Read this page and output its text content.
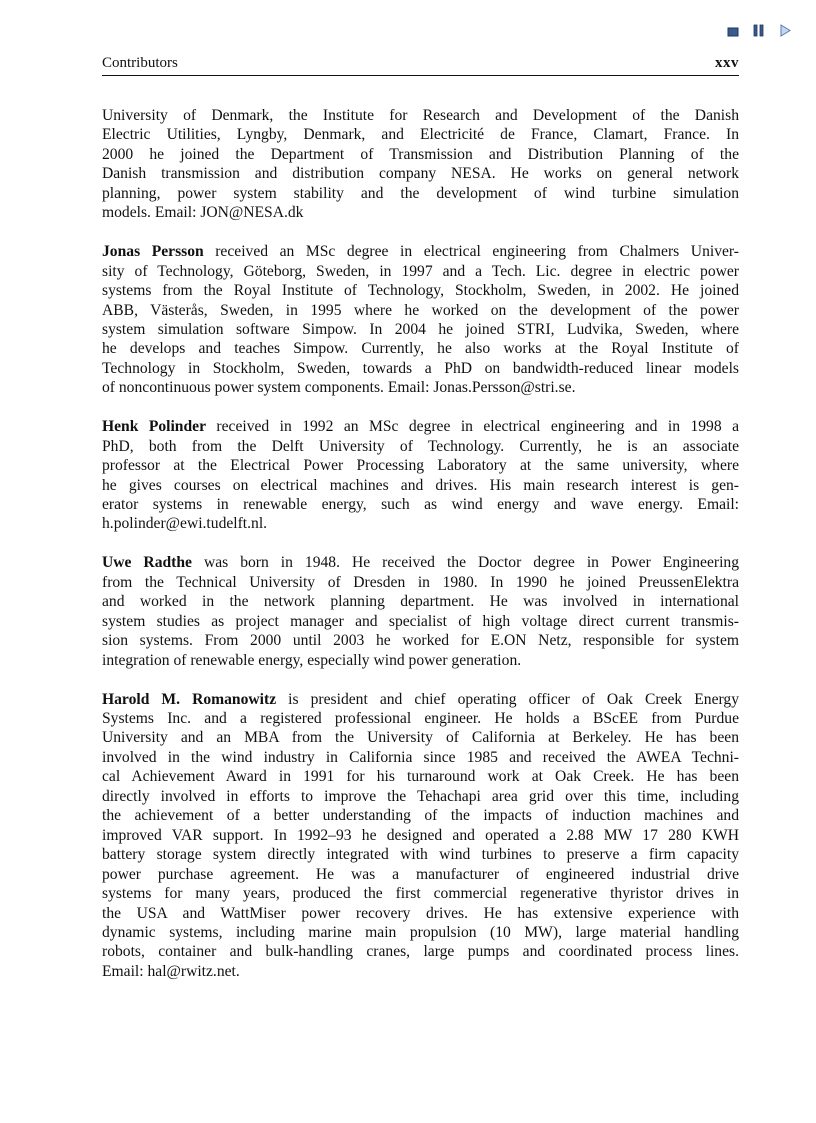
Contributors	xxv
University of Denmark, the Institute for Research and Development of the Danish
Electric Utilities, Lyngby, Denmark, and Electricité de France, Clamart, France. In
2000 he joined the Department of Transmission and Distribution Planning of the
Danish transmission and distribution company NESA. He works on general network
planning, power system stability and the development of wind turbine simulation
models. Email: JON@NESA.dk
Jonas Persson received an MSc degree in electrical engineering from Chalmers Univer-
sity of Technology, Göteborg, Sweden, in 1997 and a Tech. Lic. degree in electric power
systems from the Royal Institute of Technology, Stockholm, Sweden, in 2002. He joined
ABB, Västerås, Sweden, in 1995 where he worked on the development of the power
system simulation software Simpow. In 2004 he joined STRI, Ludvika, Sweden, where
he develops and teaches Simpow. Currently, he also works at the Royal Institute of
Technology in Stockholm, Sweden, towards a PhD on bandwidth-reduced linear models
of noncontinuous power system components. Email: Jonas.Persson@stri.se.
Henk Polinder received in 1992 an MSc degree in electrical engineering and in 1998 a
PhD, both from the Delft University of Technology. Currently, he is an associate
professor at the Electrical Power Processing Laboratory at the same university, where
he gives courses on electrical machines and drives. His main research interest is gen-
erator systems in renewable energy, such as wind energy and wave energy. Email:
h.polinder@ewi.tudelft.nl.
Uwe Radthe was born in 1948. He received the Doctor degree in Power Engineering
from the Technical University of Dresden in 1980. In 1990 he joined PreussenElektra
and worked in the network planning department. He was involved in international
system studies as project manager and specialist of high voltage direct current transmis-
sion systems. From 2000 until 2003 he worked for E.ON Netz, responsible for system
integration of renewable energy, especially wind power generation.
Harold M. Romanowitz is president and chief operating officer of Oak Creek Energy
Systems Inc. and a registered professional engineer. He holds a BScEE from Purdue
University and an MBA from the University of California at Berkeley. He has been
involved in the wind industry in California since 1985 and received the AWEA Techni-
cal Achievement Award in 1991 for his turnaround work at Oak Creek. He has been
directly involved in efforts to improve the Tehachapi area grid over this time, including
the achievement of a better understanding of the impacts of induction machines and
improved VAR support. In 1992–93 he designed and operated a 2.88 MW 17 280 KWH
battery storage system directly integrated with wind turbines to preserve a firm capacity
power purchase agreement. He was a manufacturer of engineered industrial drive
systems for many years, produced the first commercial regenerative thyristor drives in
the USA and WattMiser power recovery drives. He has extensive experience with
dynamic systems, including marine main propulsion (10 MW), large material handling
robots, container and bulk-handling cranes, large pumps and coordinated process lines.
Email: hal@rwitz.net.
